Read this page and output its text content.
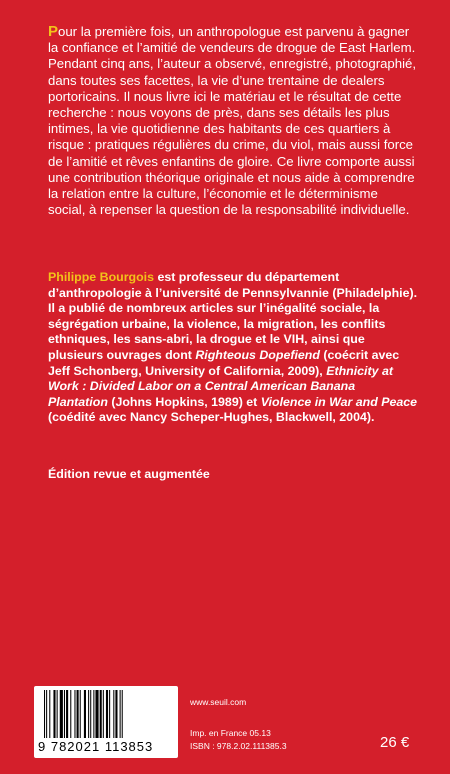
Pour la première fois, un anthropologue est parvenu à gagner la confiance et l’amitié de vendeurs de drogue de East Harlem. Pendant cinq ans, l’auteur a observé, enregistré, photographié, dans toutes ses facettes, la vie d’une trentaine de dealers portoricains. Il nous livre ici le matériau et le résultat de cette recherche : nous voyons de près, dans ses détails les plus intimes, la vie quotidienne des habitants de ces quartiers à risque : pratiques régulières du crime, du viol, mais aussi force de l’amitié et rêves enfantins de gloire. Ce livre comporte aussi une contribution théorique originale et nous aide à comprendre la relation entre la culture, l’économie et le déterminisme social, à repenser la question de la responsabilité individuelle.

Philippe Bourgois est professeur du département d’anthropologie à l’université de Pennsylvannie (Philadelphie). Il a publié de nombreux articles sur l’inégalité sociale, la ségrégation urbaine, la violence, la migration, les conflits ethniques, les sans-abri, la drogue et le VIH, ainsi que plusieurs ouvrages dont Righteous Dopefiend (coécrit avec Jeff Schonberg, University of California, 2009), Ethnicity at Work : Divided Labor on a Central American Banana Plantation (Johns Hopkins, 1989) et Violence in War and Peace (coédité avec Nancy Scheper-Hughes, Blackwell, 2004).

Édition revue et augmentée
9 782021 113853
www.seuil.com
Imp. en France 05.13
ISBN : 978.2.02.111385.3	26 €
